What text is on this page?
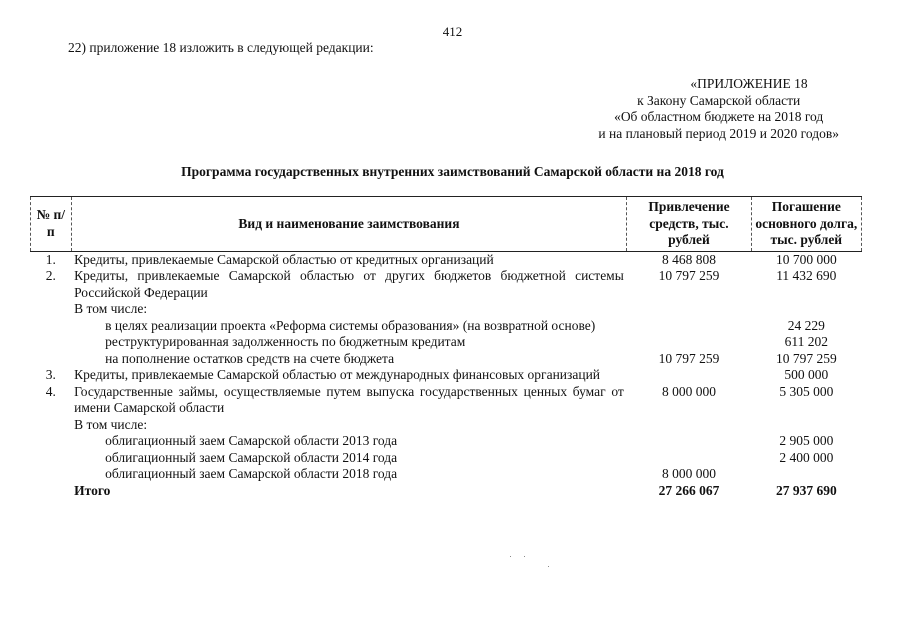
412
22) приложение 18 изложить в следующей редакции:
«ПРИЛОЖЕНИЕ 18
к Закону Самарской области
«Об областном бюджете на 2018 год
и на плановый период 2019 и 2020 годов»
Программа государственных внутренних заимствований Самарской области на 2018 год
№ п/п	Вид и наименование заимствования	Привлечение средств, тыс. рублей	Погашение основного долга, тыс. рублей
1.	Кредиты, привлекаемые Самарской областью от кредитных организаций	8 468 808	10 700 000
2.	Кредиты, привлекаемые Самарской областью от других бюджетов бюджетной системы Российской Федерации	10 797 259	11 432 690
	В том числе:		
	в целях реализации проекта «Реформа системы образования» (на возвратной основе)		24 229
	реструктурированная задолженность по бюджетным кредитам		611 202
	на пополнение остатков средств на счете бюджета	10 797 259	10 797 259
3.	Кредиты, привлекаемые Самарской областью от международных финансовых организаций		500 000
4.	Государственные займы, осуществляемые путем выпуска государственных ценных бумаг от имени Самарской области	8 000 000	5 305 000
	В том числе:		
	облигационный заем Самарской области 2013 года		2 905 000
	облигационный заем Самарской области 2014 года		2 400 000
	облигационный заем Самарской области 2018 года	8 000 000	
	Итого	27 266 067	27 937 690
